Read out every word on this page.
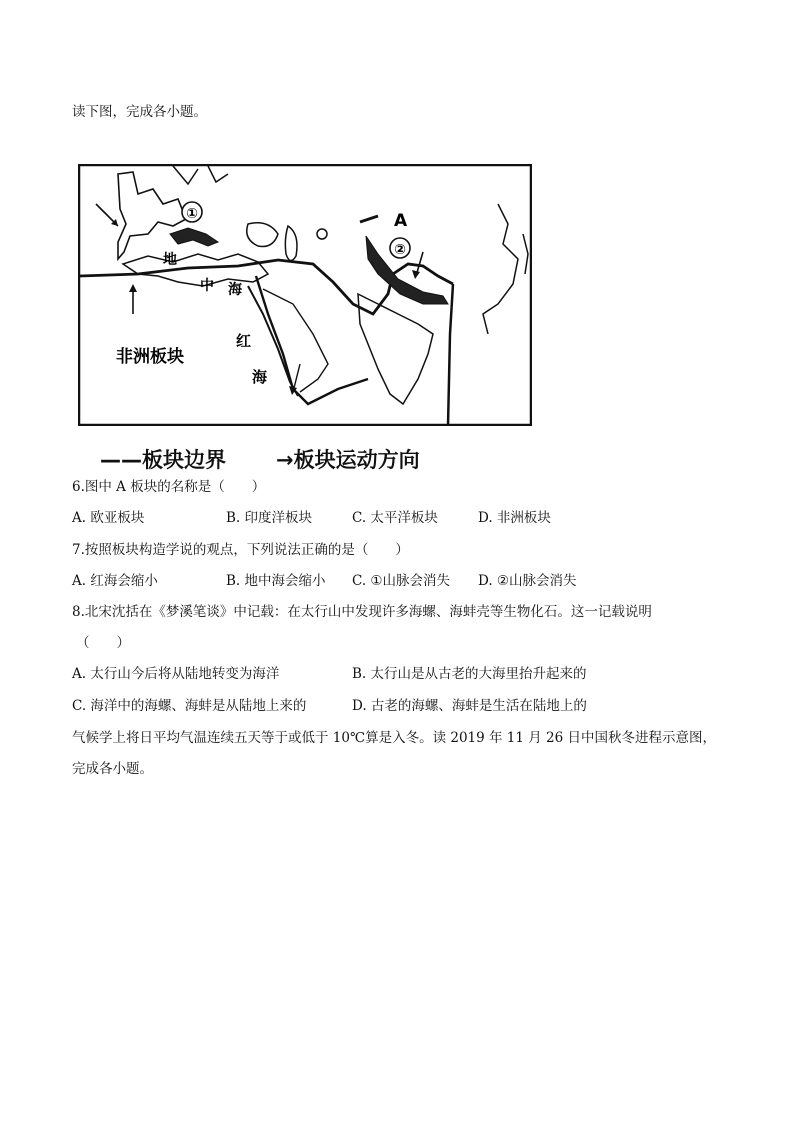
读下图，完成各小题。
①
②
A
非洲板块
地
中 海
红
海
——板块边界 →板块运动方向
6.图中 A 板块的名称是（　　）
A. 欧亚板块	B. 印度洋板块	C. 太平洋板块	D. 非洲板块
7.按照板块构造学说的观点，下列说法正确的是（　　）
A. 红海会缩小	B. 地中海会缩小 C. ①山脉会消失 D. ②山脉会消失
8.北宋沈括在《梦溪笔谈》中记载：在太行山中发现许多海螺、海蚌壳等生物化石。这一记载说明
（　　）
A. 太行山今后将从陆地转变为海洋	B. 太行山是从古老的大海里抬升起来的
C. 海洋中的海螺、海蚌是从陆地上来的	D. 古老的海螺、海蚌是生活在陆地上的
气候学上将日平均气温连续五天等于或低于 10℃算是入冬。读 2019 年 11 月 26 日中国秋冬进程示意图，
完成各小题。
